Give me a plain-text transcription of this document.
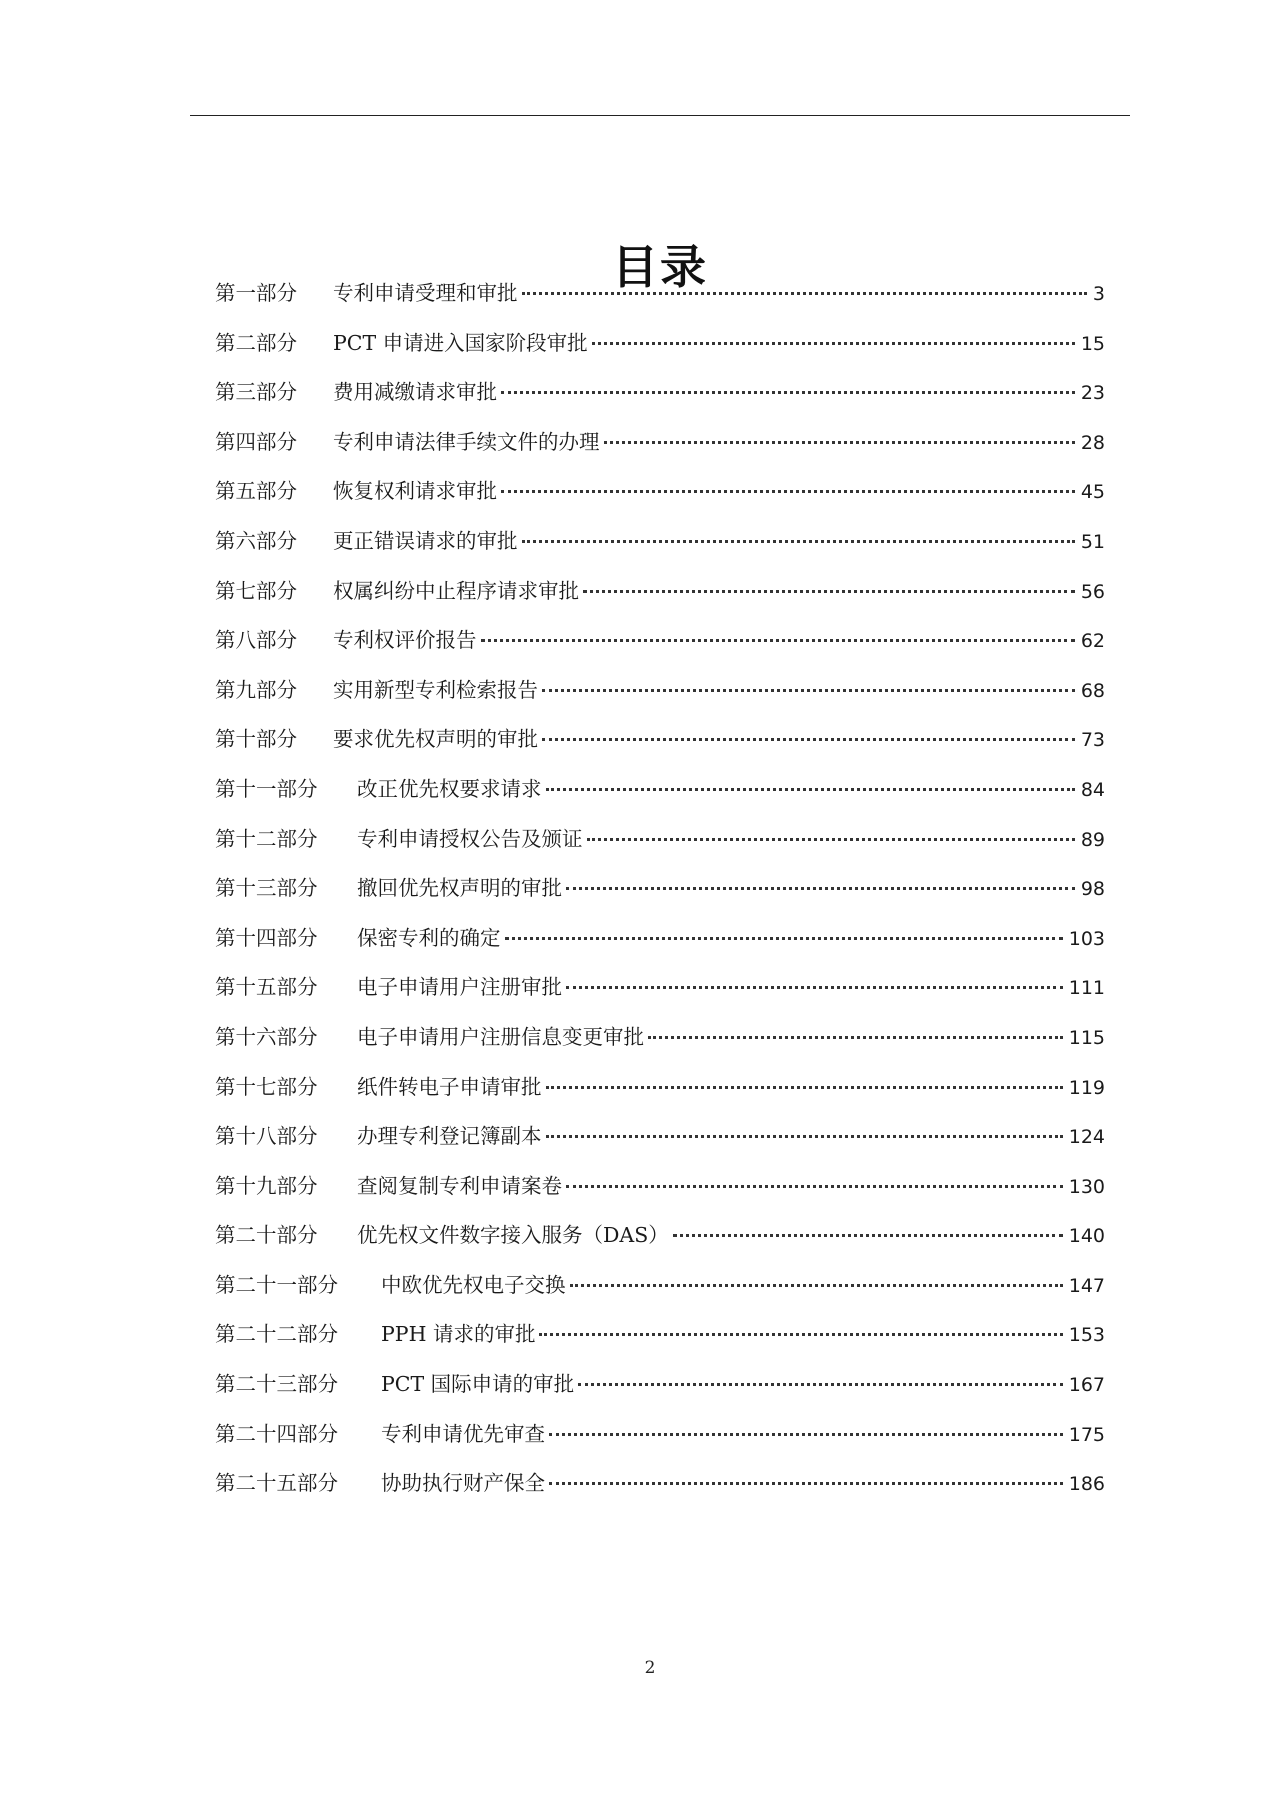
目录
第一部分	专利申请受理和审批	3
第二部分	PCT 申请进入国家阶段审批	15
第三部分	费用减缴请求审批	23
第四部分	专利申请法律手续文件的办理	28
第五部分	恢复权利请求审批	45
第六部分	更正错误请求的审批	51
第七部分	权属纠纷中止程序请求审批	56
第八部分	专利权评价报告	62
第九部分	实用新型专利检索报告	68
第十部分	要求优先权声明的审批	73
第十一部分	改正优先权要求请求	84
第十二部分	专利申请授权公告及颁证	89
第十三部分	撤回优先权声明的审批	98
第十四部分	保密专利的确定	103
第十五部分	电子申请用户注册审批	111
第十六部分	电子申请用户注册信息变更审批	115
第十七部分	纸件转电子申请审批	119
第十八部分	办理专利登记簿副本	124
第十九部分	查阅复制专利申请案卷	130
第二十部分	优先权文件数字接入服务（DAS）	140
第二十一部分	中欧优先权电子交换	147
第二十二部分	PPH 请求的审批	153
第二十三部分	PCT 国际申请的审批	167
第二十四部分	专利申请优先审查	175
第二十五部分	协助执行财产保全	186
2
